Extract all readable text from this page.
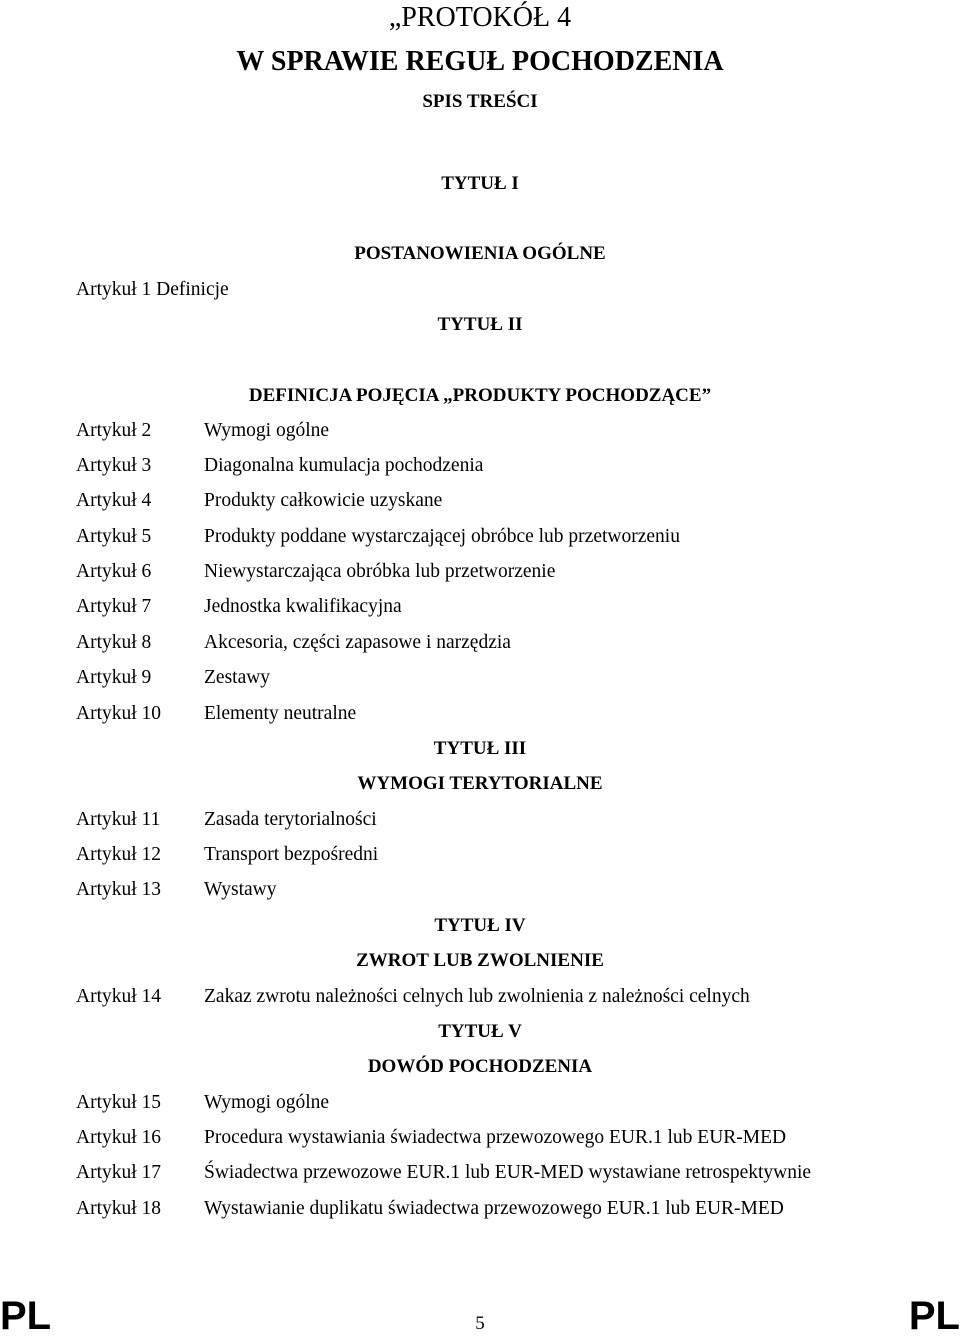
„PROTOKÓŁ 4
W SPRAWIE REGUŁ POCHODZENIA
SPIS TREŚCI
TYTUŁ I
POSTANOWIENIA OGÓLNE
Artykuł 1 Definicje
TYTUŁ II
DEFINICJA POJĘCIA „PRODUKTY POCHODZĄCE”
Artykuł 2	Wymogi ogólne
Artykuł 3	Diagonalna kumulacja pochodzenia
Artykuł 4	Produkty całkowicie uzyskane
Artykuł 5	Produkty poddane wystarczającej obróbce lub przetworzeniu
Artykuł 6	Niewystarczająca obróbka lub przetworzenie
Artykuł 7	Jednostka kwalifikacyjna
Artykuł 8	Akcesoria, części zapasowe i narzędzia
Artykuł 9	Zestawy
Artykuł 10 Elementy neutralne
TYTUŁ III
WYMOGI TERYTORIALNE
Artykuł 11 Zasada terytorialności
Artykuł 12 Transport bezpośredni
Artykuł 13 Wystawy
TYTUŁ IV
ZWROT LUB ZWOLNIENIE
Artykuł 14 Zakaz zwrotu należności celnych lub zwolnienia z należności celnych
TYTUŁ V
DOWÓD POCHODZENIA
Artykuł 15 Wymogi ogólne
Artykuł 16 Procedura wystawiania świadectwa przewozowego EUR.1 lub EUR-MED
Artykuł 17 Świadectwa przewozowe EUR.1 lub EUR-MED wystawiane retrospektywnie
Artykuł 18 Wystawianie duplikatu świadectwa przewozowego EUR.1 lub EUR-MED
PL	5	PL
